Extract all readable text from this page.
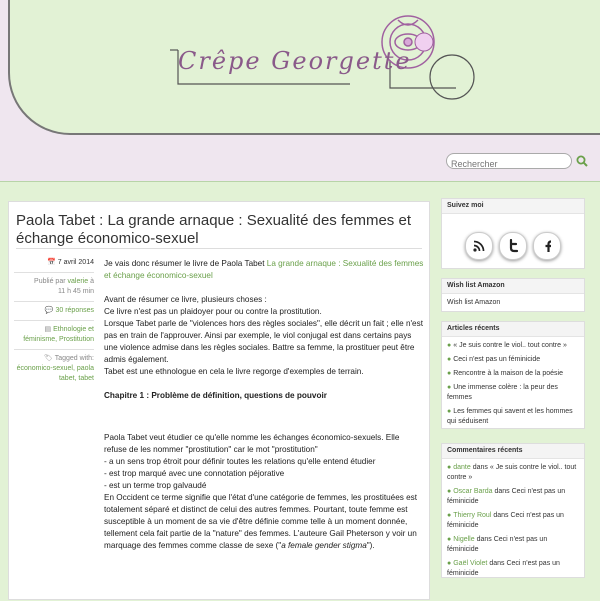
Crêpe Georgette
Rechercher
Paola Tabet : La grande arnaque : Sexualité des femmes et échange économico-sexuel
📅 7 avril 2014
Publié par valerie à
11 h 45 min
💬 30 réponses
▤ Ethnologie et féminisme, Prostitution
🏷 Tagged with: économico-sexuel, paola tabet, tabet

Je vais donc résumer le livre de Paola Tabet La grande arnaque : Sexualité des femmes et échange économico-sexuel

Avant de résumer ce livre, plusieurs choses :

Ce livre n'est pas un plaidoyer pour ou contre la prostitution.

Lorsque Tabet parle de "violences hors des règles sociales", elle décrit un fait ; elle n'est pas en train de l'approuver. Ainsi par exemple, le viol conjugal est dans certains pays une violence admise dans les règles sociales. Battre sa femme, la prostituer peut être admis également.

Tabet est une ethnologue en cela le livre regorge d'exemples de terrain.

Chapitre 1 : Problème de définition, questions de pouvoir

Paola Tabet veut étudier ce qu'elle nomme les échanges économico-sexuels. Elle refuse de les nommer "prostitution" car le mot "prostitution"

- a un sens trop étroit pour définir toutes les relations qu'elle entend étudier

- est trop marqué avec une connotation péjorative

- est un terme trop galvaudé

En Occident ce terme signifie que l'état d'une catégorie de femmes, les prostituées est totalement séparé et distinct de celui des autres femmes. Pourtant, toute femme est susceptible à un moment de sa vie d'être définie comme telle à un moment donnée, tellement cela fait partie de la "nature" des femmes. L'auteure Gail Pheterson y voir un marquage des femmes comme classe de sexe ("a female gender stigma").

Suivez moi
Wish list Amazon
Wish list Amazon
Articles récents
● « Je suis contre le viol.. tout contre »
● Ceci n'est pas un féminicide
● Rencontre à la maison de la poésie
● Une immense colère : la peur des femmes
● Les femmes qui savent et les hommes qui séduisent
Commentaires récents
● dante dans « Je suis contre le viol.. tout contre »
● Oscar Barda dans Ceci n'est pas un féminicide
● Thierry Roul dans Ceci n'est pas un féminicide
● Nigelle dans Ceci n'est pas un féminicide
● Gaël Violet dans Ceci n'est pas un féminicide
